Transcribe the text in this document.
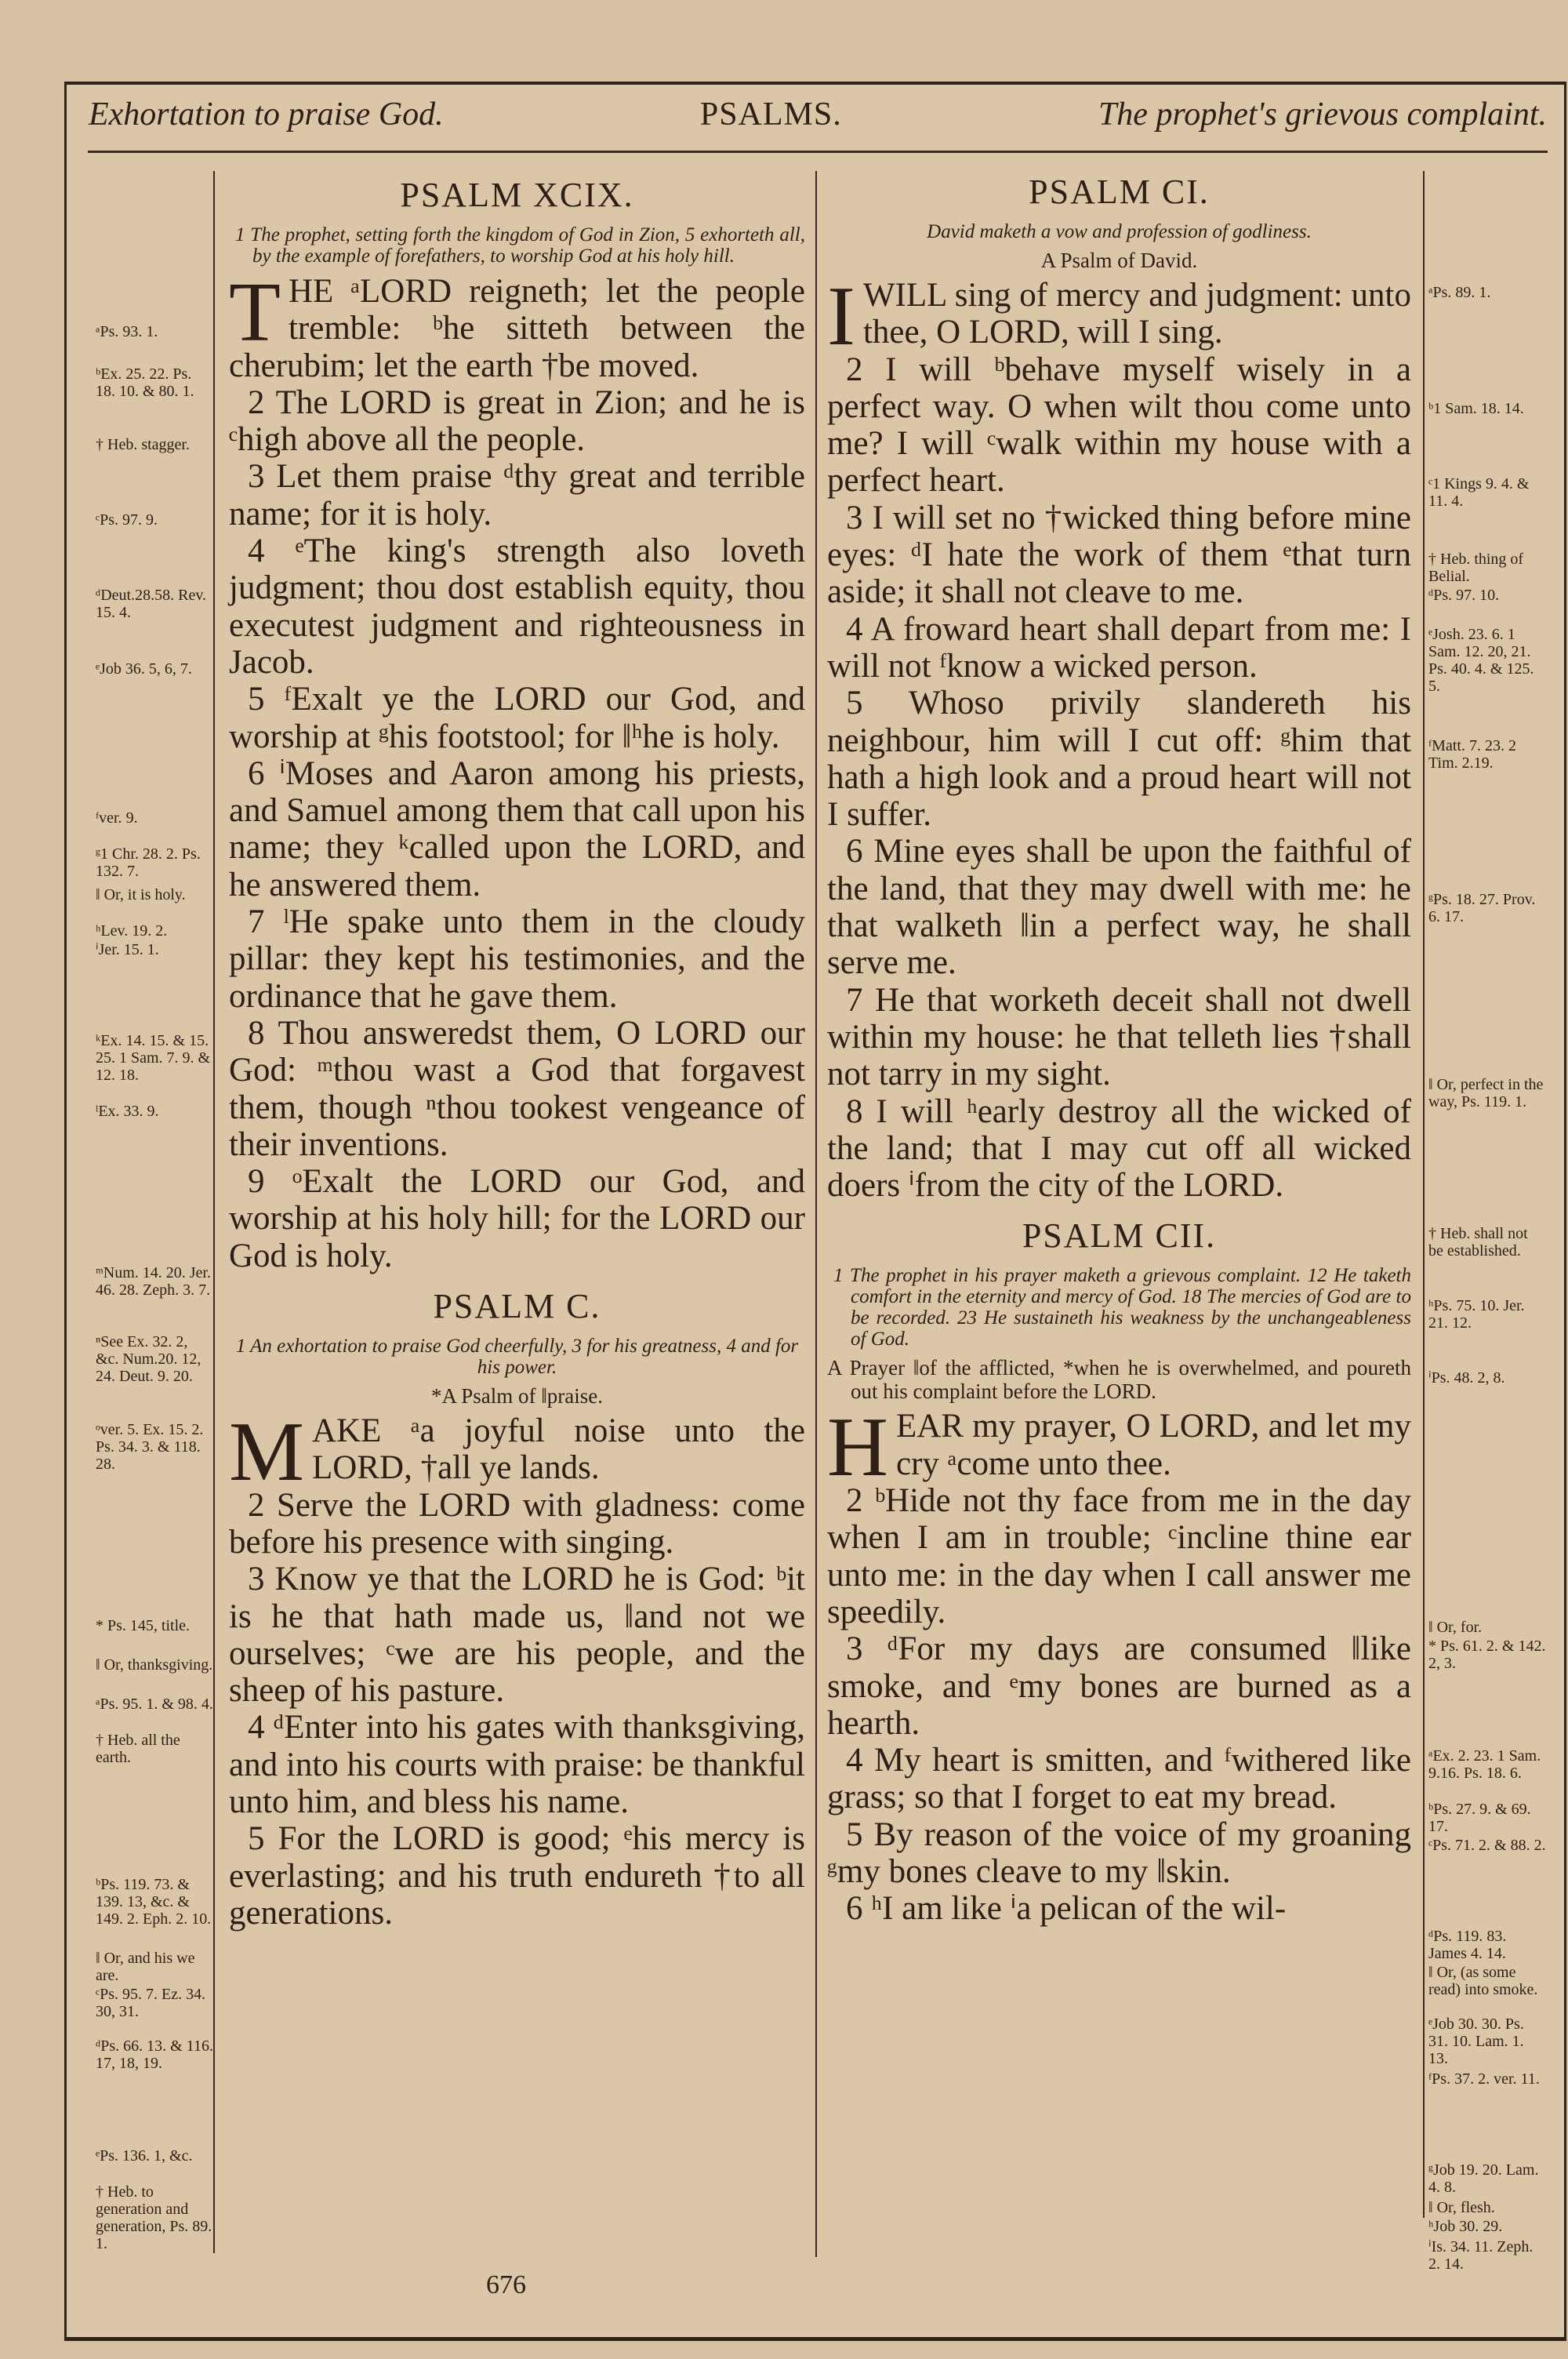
Exhortation to praise God.	PSALMS.	The prophet's grievous complaint.
ᵃPs. 93. 1.
ᵇEx. 25. 22. Ps. 18. 10. & 80. 1.
† Heb. stagger.
ᶜPs. 97. 9.
ᵈDeut.28.58. Rev. 15. 4.
ᵉJob 36. 5, 6, 7.
ᶠver. 9.
ᵍ1 Chr. 28. 2. Ps. 132. 7.
‖ Or, it is holy.
ʰLev. 19. 2.
ⁱJer. 15. 1.
ᵏEx. 14. 15. & 15. 25. 1 Sam. 7. 9. & 12. 18.
ˡEx. 33. 9.
ᵐNum. 14. 20. Jer. 46. 28. Zeph. 3. 7.
ⁿSee Ex. 32. 2, &c. Num.20. 12, 24. Deut. 9. 20.
ᵒver. 5. Ex. 15. 2. Ps. 34. 3. & 118. 28.
* Ps. 145, title.
‖ Or, thanksgiving.
ᵃPs. 95. 1. & 98. 4.
† Heb. all the earth.
ᵇPs. 119. 73. & 139. 13, &c. & 149. 2. Eph. 2. 10.
‖ Or, and his we are.
ᶜPs. 95. 7. Ez. 34. 30, 31.
ᵈPs. 66. 13. & 116. 17, 18, 19.
ᵉPs. 136. 1, &c.
† Heb. to generation and generation, Ps. 89. 1.
PSALM XCIX.
1 The prophet, setting forth the kingdom of God in Zion, 5 exhorteth all, by the example of forefathers, to worship God at his holy hill.

THE ᵃLORD reigneth; let the people tremble: ᵇhe sitteth between the cherubim; let the earth †be moved.

2 The LORD is great in Zion; and he is ᶜhigh above all the people.

3 Let them praise ᵈthy great and terrible name; for it is holy.

4 ᵉThe king's strength also loveth judgment; thou dost establish equity, thou executest judgment and righteousness in Jacob.

5 ᶠExalt ye the LORD our God, and worship at ᵍhis footstool; for ‖ʰhe is holy.

6 ⁱMoses and Aaron among his priests, and Samuel among them that call upon his name; they ᵏcalled upon the LORD, and he answered them.

7 ˡHe spake unto them in the cloudy pillar: they kept his testimonies, and the ordinance that he gave them.

8 Thou answeredst them, O LORD our God: ᵐthou wast a God that forgavest them, though ⁿthou tookest vengeance of their inventions.

9 ᵒExalt the LORD our God, and worship at his holy hill; for the LORD our God is holy.

PSALM C.
1 An exhortation to praise God cheerfully, 3 for his greatness, 4 and for his power.
*A Psalm of ‖praise.

MAKE ᵃa joyful noise unto the LORD, †all ye lands.

2 Serve the LORD with gladness: come before his presence with singing.

3 Know ye that the LORD he is God: ᵇit is he that hath made us, ‖and not we ourselves; ᶜwe are his people, and the sheep of his pasture.

4 ᵈEnter into his gates with thanksgiving, and into his courts with praise: be thankful unto him, and bless his name.

5 For the LORD is good; ᵉhis mercy is everlasting; and his truth endureth †to all generations.

PSALM CI.
David maketh a vow and profession of godliness.
A Psalm of David.

IWILL sing of mercy and judgment: unto thee, O LORD, will I sing.

2 I will ᵇbehave myself wisely in a perfect way. O when wilt thou come unto me? I will ᶜwalk within my house with a perfect heart.

3 I will set no †wicked thing before mine eyes: ᵈI hate the work of them ᵉthat turn aside; it shall not cleave to me.

4 A froward heart shall depart from me: I will not ᶠknow a wicked person.

5 Whoso privily slandereth his neighbour, him will I cut off: ᵍhim that hath a high look and a proud heart will not I suffer.

6 Mine eyes shall be upon the faithful of the land, that they may dwell with me: he that walketh ‖in a perfect way, he shall serve me.

7 He that worketh deceit shall not dwell within my house: he that telleth lies †shall not tarry in my sight.

8 I will ʰearly destroy all the wicked of the land; that I may cut off all wicked doers ⁱfrom the city of the LORD.

PSALM CII.
1 The prophet in his prayer maketh a grievous complaint. 12 He taketh comfort in the eternity and mercy of God. 18 The mercies of God are to be recorded. 23 He sustaineth his weakness by the unchangeableness of God.
A Prayer ‖of the afflicted, *when he is overwhelmed, and poureth out his complaint before the LORD.

HEAR my prayer, O LORD, and let my cry ᵃcome unto thee.

2 ᵇHide not thy face from me in the day when I am in trouble; ᶜincline thine ear unto me: in the day when I call answer me speedily.

3 ᵈFor my days are consumed ‖like smoke, and ᵉmy bones are burned as a hearth.

4 My heart is smitten, and ᶠwithered like grass; so that I forget to eat my bread.

5 By reason of the voice of my groaning ᵍmy bones cleave to my ‖skin.

6 ʰI am like ⁱa pelican of the wil-

ᵃPs. 89. 1.
ᵇ1 Sam. 18. 14.
ᶜ1 Kings 9. 4. & 11. 4.
† Heb. thing of Belial.
ᵈPs. 97. 10.
ᵉJosh. 23. 6. 1 Sam. 12. 20, 21. Ps. 40. 4. & 125. 5.
ᶠMatt. 7. 23. 2 Tim. 2.19.
ᵍPs. 18. 27. Prov. 6. 17.
‖ Or, perfect in the way, Ps. 119. 1.
† Heb. shall not be established.
ʰPs. 75. 10. Jer. 21. 12.
ⁱPs. 48. 2, 8.
‖ Or, for.
* Ps. 61. 2. & 142. 2, 3.
ᵃEx. 2. 23. 1 Sam. 9.16. Ps. 18. 6.
ᵇPs. 27. 9. & 69. 17.
ᶜPs. 71. 2. & 88. 2.
ᵈPs. 119. 83. James 4. 14.
‖ Or, (as some read) into smoke.
ᵉJob 30. 30. Ps. 31. 10. Lam. 1. 13.
ᶠPs. 37. 2. ver. 11.
ᵍJob 19. 20. Lam. 4. 8.
‖ Or, flesh.
ʰJob 30. 29.
ⁱIs. 34. 11. Zeph. 2. 14.
676
